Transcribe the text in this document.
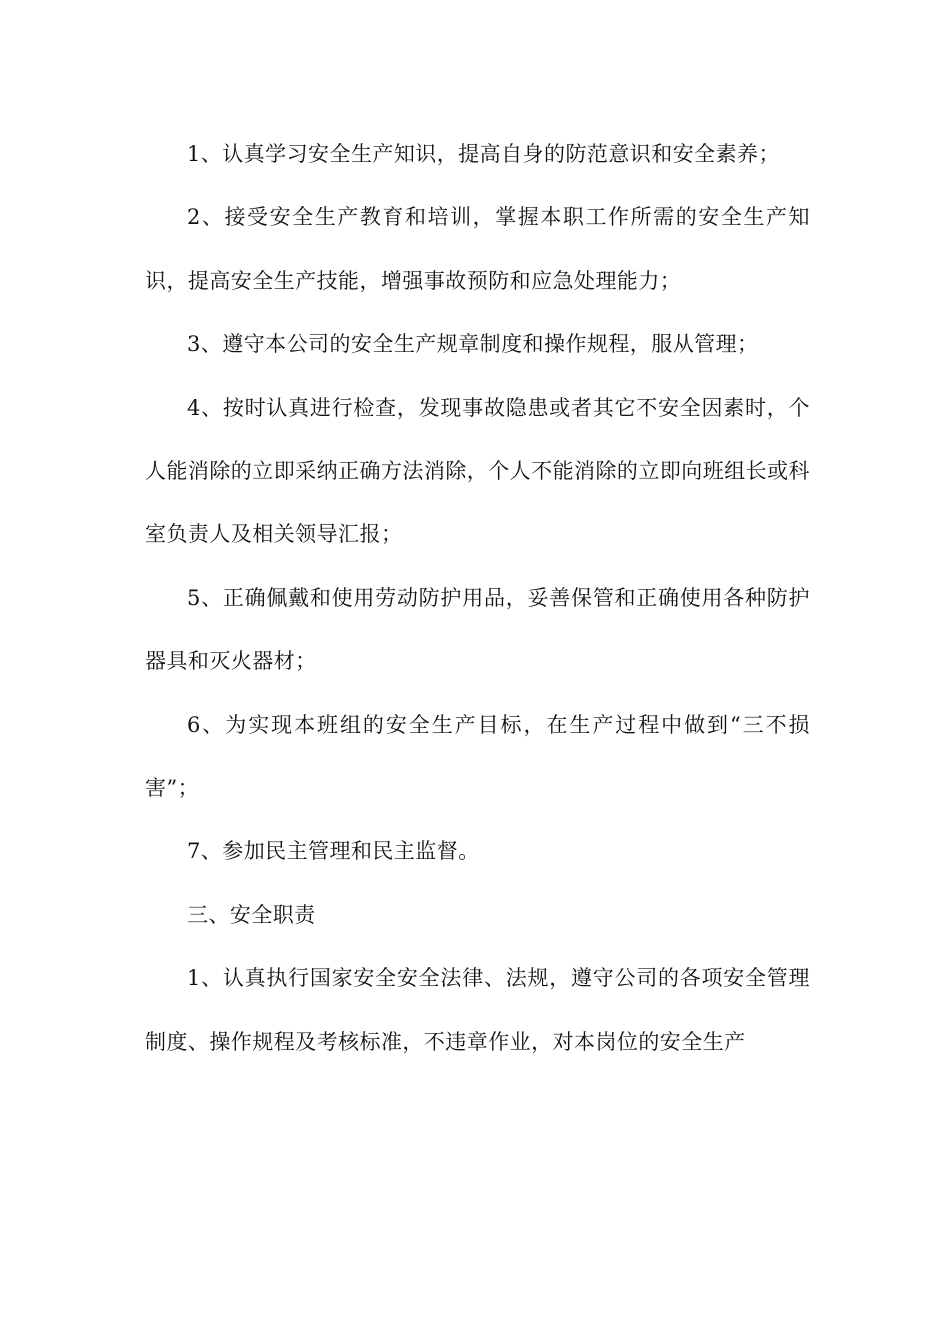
1、认真学习安全生产知识，提高自身的防范意识和安全素养；

2、接受安全生产教育和培训，掌握本职工作所需的安全生产知识，提高安全生产技能，增强事故预防和应急处理能力；

3、遵守本公司的安全生产规章制度和操作规程，服从管理；

4、按时认真进行检查，发现事故隐患或者其它不安全因素时，个人能消除的立即采纳正确方法消除，个人不能消除的立即向班组长或科室负责人及相关领导汇报；

5、正确佩戴和使用劳动防护用品，妥善保管和正确使用各种防护器具和灭火器材；

6、为实现本班组的安全生产目标，在生产过程中做到“三不损害”；

7、参加民主管理和民主监督。

三、安全职责

1、认真执行国家安全安全法律、法规，遵守公司的各项安全管理制度、操作规程及考核标准，不违章作业，对本岗位的安全生产
